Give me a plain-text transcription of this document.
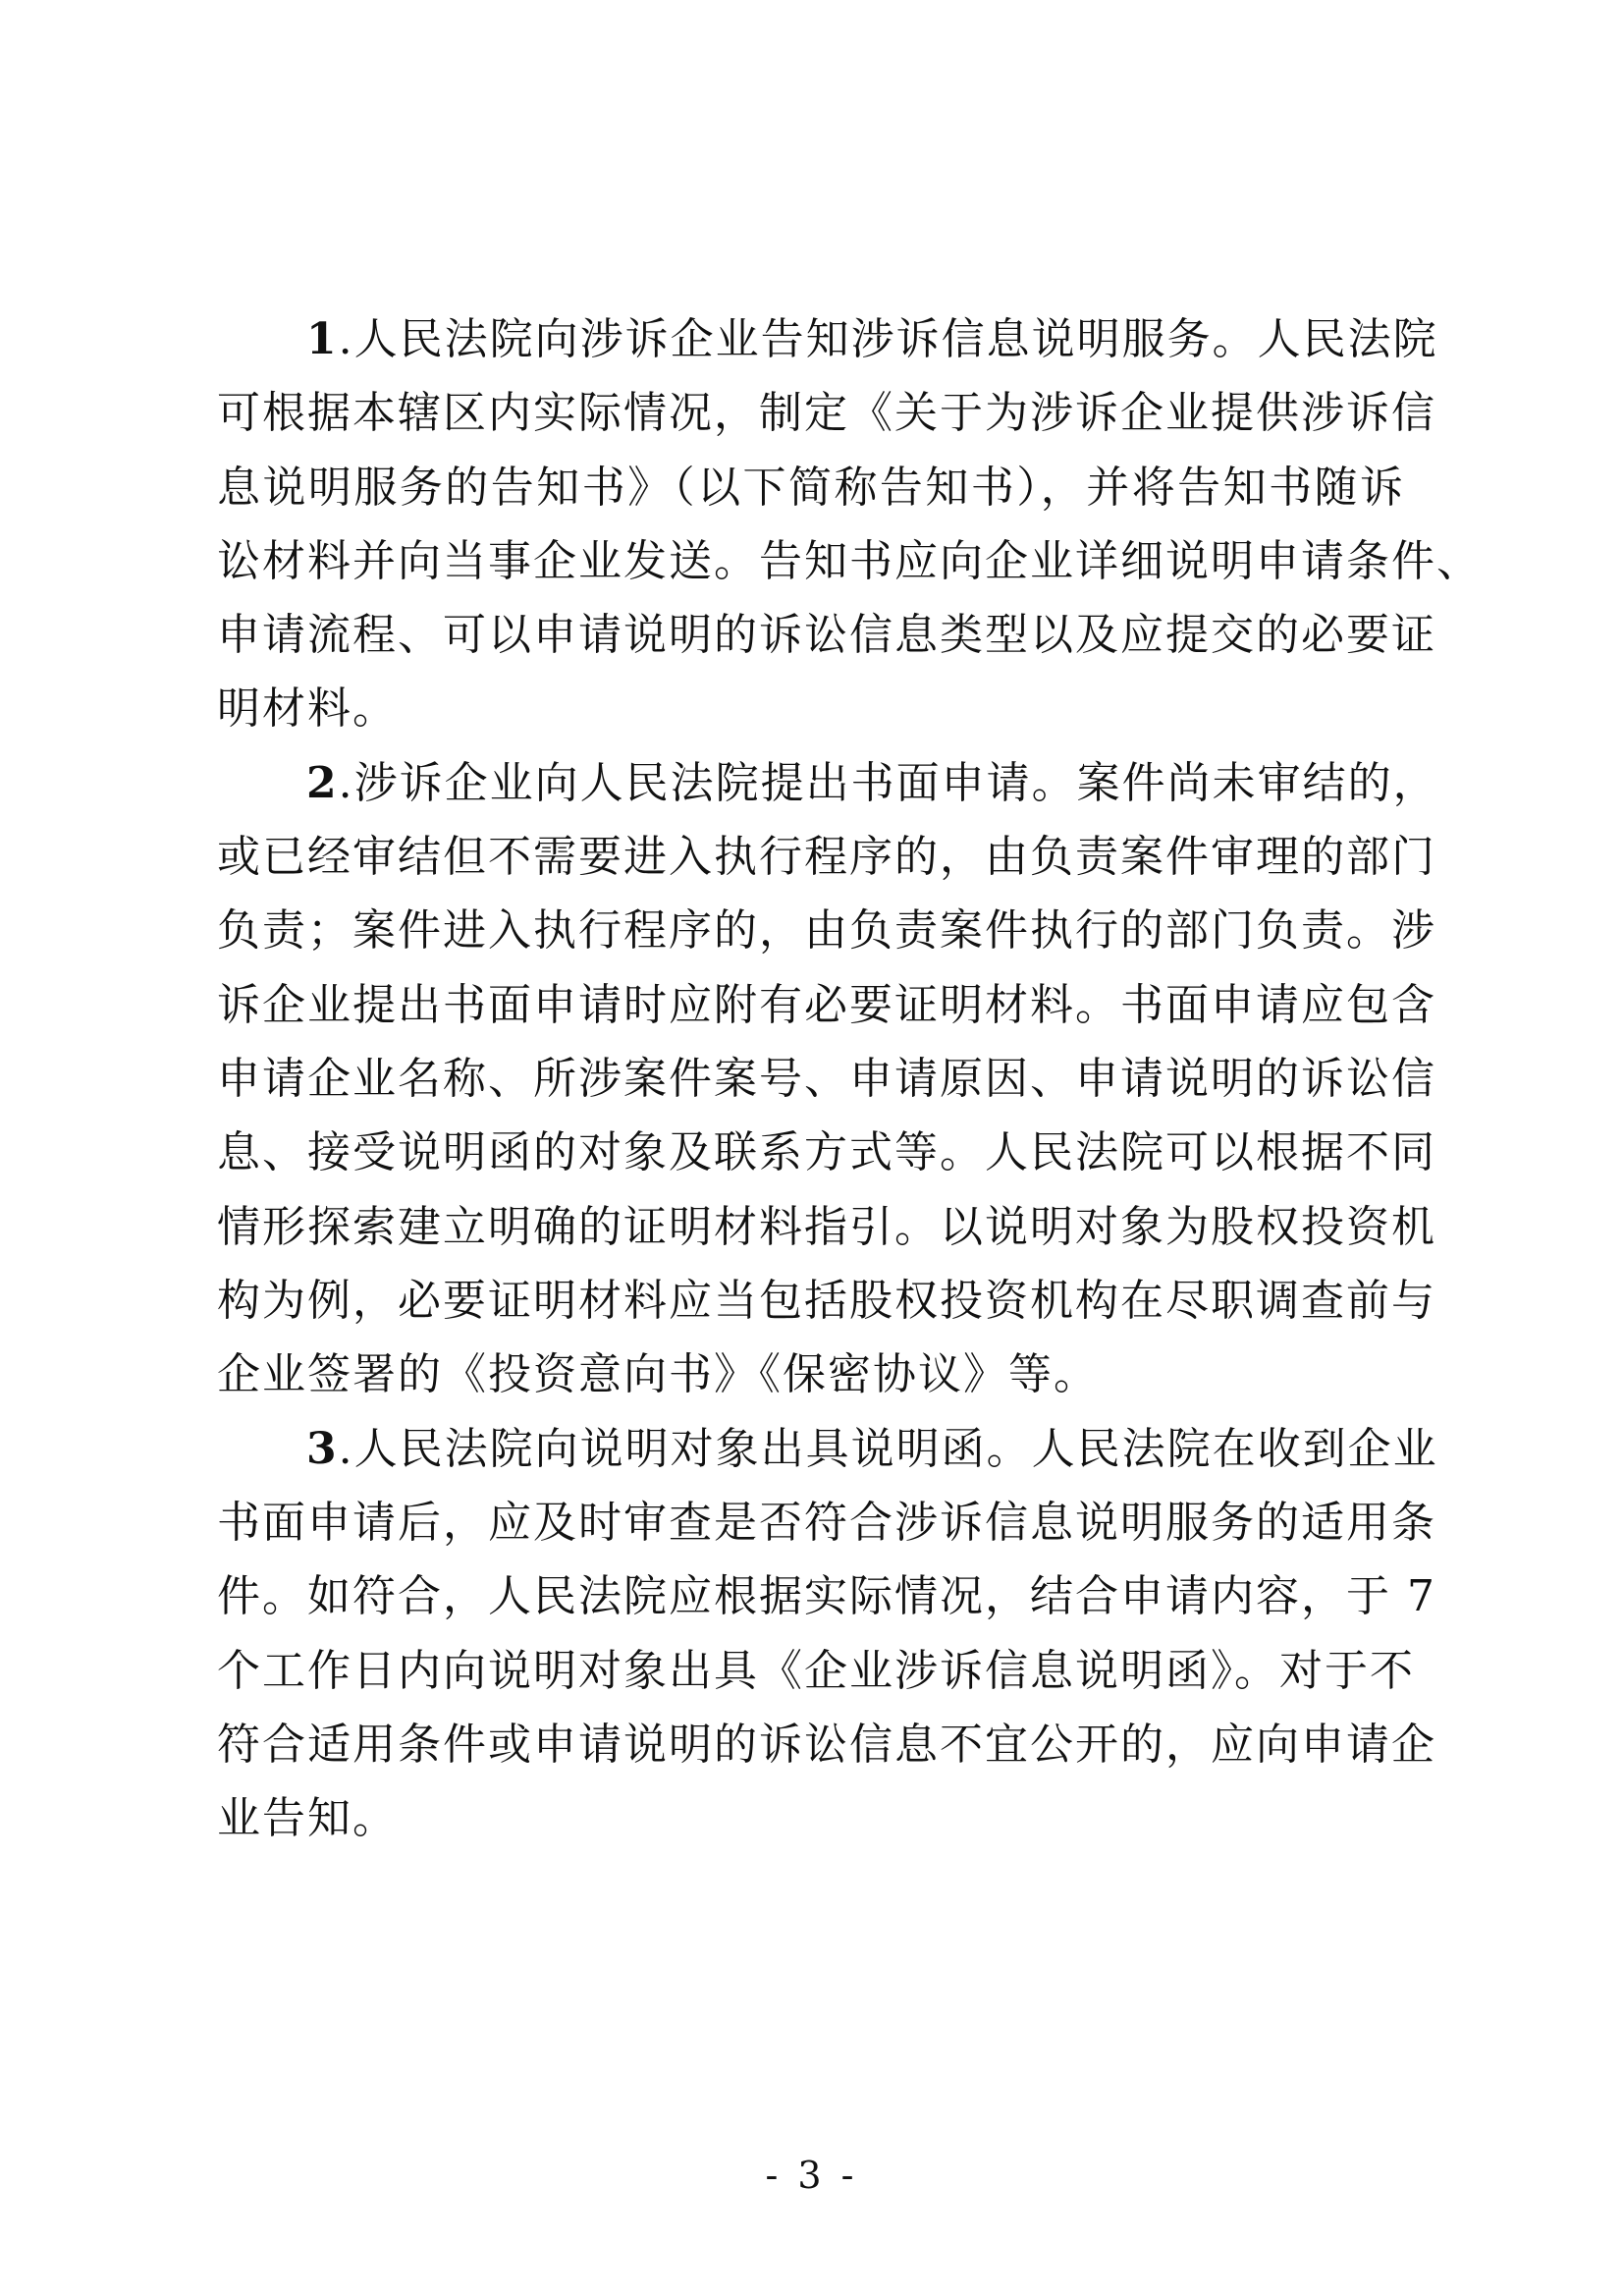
1.人民法院向涉诉企业告知涉诉信息说明服务。人民法院
可根据本辖区内实际情况，制定《关于为涉诉企业提供涉诉信
息说明服务的告知书》（以下简称告知书），并将告知书随诉
讼材料并向当事企业发送。告知书应向企业详细说明申请条件、
申请流程、可以申请说明的诉讼信息类型以及应提交的必要证
明材料。
2.涉诉企业向人民法院提出书面申请。案件尚未审结的，
或已经审结但不需要进入执行程序的，由负责案件审理的部门
负责；案件进入执行程序的，由负责案件执行的部门负责。涉
诉企业提出书面申请时应附有必要证明材料。书面申请应包含
申请企业名称、所涉案件案号、申请原因、申请说明的诉讼信
息、接受说明函的对象及联系方式等。人民法院可以根据不同
情形探索建立明确的证明材料指引。以说明对象为股权投资机
构为例，必要证明材料应当包括股权投资机构在尽职调查前与
企业签署的《投资意向书》《保密协议》等。
3.人民法院向说明对象出具说明函。人民法院在收到企业
书面申请后，应及时审查是否符合涉诉信息说明服务的适用条
件。如符合，人民法院应根据实际情况，结合申请内容，于 7
个工作日内向说明对象出具《企业涉诉信息说明函》。对于不
符合适用条件或申请说明的诉讼信息不宜公开的，应向申请企
业告知。
- 3 -
